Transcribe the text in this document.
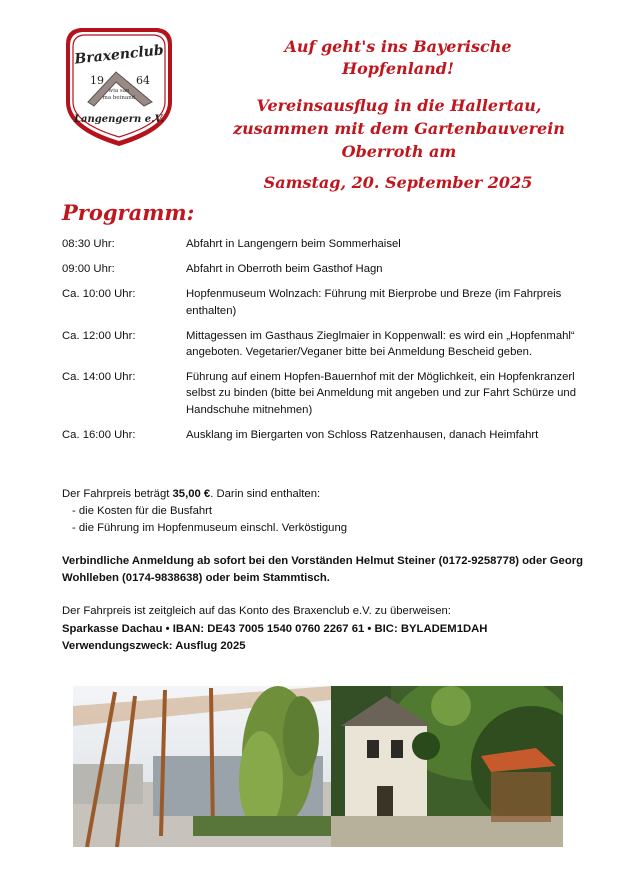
Braxenclub
19	64
wia san
ma beinand
Langengern e.V.
Auf geht's ins Bayerische
Hopfenland!
Vereinsausflug in die Hallertau,
zusammen mit dem Gartenbauverein
Oberroth am
Samstag, 20. September 2025
Programm:
08:30 Uhr:	Abfahrt in Langengern beim Sommerhaisel
09:00 Uhr:	Abfahrt in Oberroth beim Gasthof Hagn
Ca. 10:00 Uhr:	Hopfenmuseum Wolnzach: Führung mit Bierprobe und Breze (im Fahrpreis enthalten)
Ca. 12:00 Uhr:	Mittagessen im Gasthaus Zieglmaier in Koppenwall: es wird ein „Hopfenmahl“ angeboten. Vegetarier/Veganer bitte bei Anmeldung Bescheid geben.
Ca. 14:00 Uhr:	Führung auf einem Hopfen-Bauernhof mit der Möglichkeit, ein Hopfenkranzerl selbst zu binden (bitte bei Anmeldung mit angeben und zur Fahrt Schürze und Handschuhe mitnehmen)
Ca. 16:00 Uhr:	Ausklang im Biergarten von Schloss Ratzenhausen, danach Heimfahrt
Der Fahrpreis beträgt 35,00 €. Darin sind enthalten:
- die Kosten für die Busfahrt
- die Führung im Hopfenmuseum einschl. Verköstigung
Verbindliche Anmeldung ab sofort bei den Vorständen Helmut Steiner (0172-9258778) oder Georg Wohlleben (0174-9838638) oder beim Stammtisch.
Der Fahrpreis ist zeitgleich auf das Konto des Braxenclub e.V. zu überweisen:
Sparkasse Dachau • IBAN: DE43 7005 1540 0760 2267 61 • BIC: BYLADEM1DAH
Verwendungszweck: Ausflug 2025
